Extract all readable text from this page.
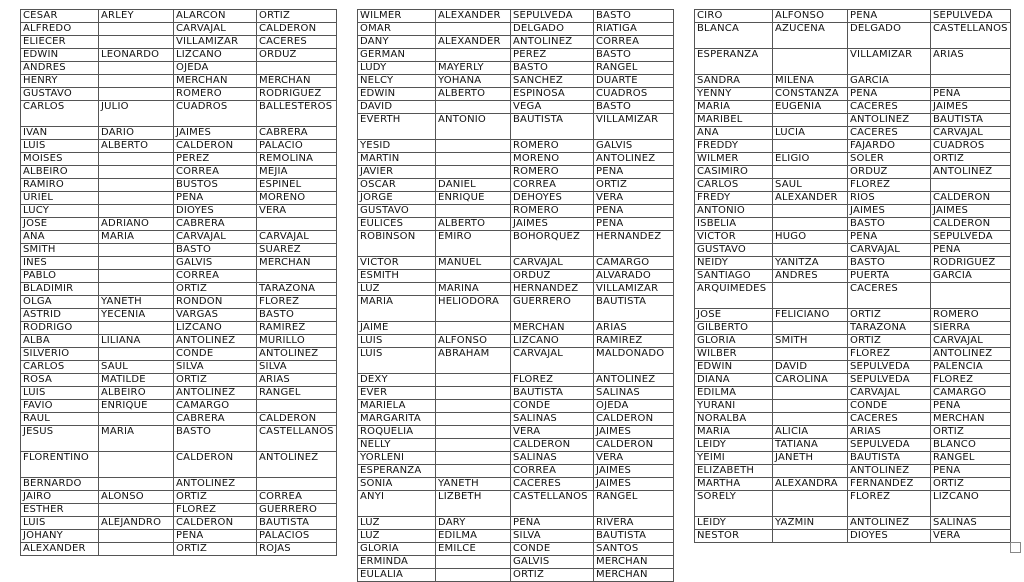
CESAR	ARLEY	ALARCON	ORTIZ
ALFREDO		CARVAJAL	CALDERON
ELIECER		VILLAMIZAR	CACERES
EDWIN	LEONARDO	LIZCANO	ORDUZ
ANDRES		OJEDA	
HENRY		MERCHAN	MERCHAN
GUSTAVO		ROMERO	RODRIGUEZ
CARLOS	JULIO	CUADROS	BALLESTEROS
IVAN	DARIO	JAIMES	CABRERA
LUIS	ALBERTO	CALDERON	PALACIO
MOISES		PEREZ	REMOLINA
ALBEIRO		CORREA	MEJIA
RAMIRO		BUSTOS	ESPINEL
URIEL		PEÑA	MORENO
LUCY		DIOYES	VERA
JOSE	ADRIANO	CABRERA	
ANA	MARIA	CARVAJAL	CARVAJAL
SMITH		BASTO	SUAREZ
INES		GALVIS	MERCHAN
PABLO		CORREA	
BLADIMIR		ORTIZ	TARAZONA
OLGA	YANETH	RONDON	FLOREZ
ASTRID	YECENIA	VARGAS	BASTO
RODRIGO		LIZCANO	RAMIREZ
ALBA	LILIANA	ANTOLINEZ	MURILLO
SILVERIO		CONDE	ANTOLINEZ
CARLOS	SAUL	SILVA	SILVA
ROSA	MATILDE	ORTIZ	ARIAS
LUIS	ALBEIRO	ANTOLINEZ	RANGEL
FAVIO	ENRIQUE	CAMARGO	
RAUL		CABRERA	CALDERON
JESUS	MARIA	BASTO	CASTELLANOS
FLORENTINO		CALDERON	ANTOLINEZ
BERNARDO		ANTOLINEZ	
JAIRO	ALONSO	ORTIZ	CORREA
ESTHER		FLOREZ	GUERRERO
LUIS	ALEJANDRO	CALDERON	BAUTISTA
JOHANY		PEÑA	PALACIOS
ALEXANDER		ORTIZ	ROJAS
WILMER	ALEXANDER	SEPULVEDA	BASTO
OMAR		DELGADO	RIATIGA
DANY	ALEXANDER	ANTOLINEZ	CORREA
GERMAN		PEREZ	BASTO
LUDY	MAYERLY	BASTO	RANGEL
NELCY	YOHANA	SANCHEZ	DUARTE
EDWIN	ALBERTO	ESPINOSA	CUADROS
DAVID		VEGA	BASTO
EVERTH	ANTONIO	BAUTISTA	VILLAMIZAR
YESID		ROMERO	GALVIS
MARTIN		MORENO	ANTOLINEZ
JAVIER		ROMERO	PEÑA
OSCAR	DANIEL	CORREA	ORTIZ
JORGE	ENRIQUE	DEHOYES	VERA
GUSTAVO		ROMERO	PEÑA
EULICES	ALBERTO	JAIMES	PEÑA
ROBINSON	EMIRO	BOHORQUEZ	HERNANDEZ
VICTOR	MANUEL	CARVAJAL	CAMARGO
ESMITH		ORDUZ	ALVARADO
LUZ	MARINA	HERNANDEZ	VILLAMIZAR
MARIA	HELIODORA	GUERRERO	BAUTISTA
JAIME		MERCHAN	ARIAS
LUIS	ALFONSO	LIZCANO	RAMIREZ
LUIS	ABRAHAM	CARVAJAL	MALDONADO
DEXY		FLOREZ	ANTOLINEZ
EVER		BAUTISTA	SALINAS
MARIELA		CONDE	OJEDA
MARGARITA		SALINAS	CALDERON
ROQUELIA		VERA	JAIMES
NELLY		CALDERON	CALDERON
YORLENI		SALINAS	VERA
ESPERANZA		CORREA	JAIMES
SONIA	YANETH	CACERES	JAIMES
ANYI	LIZBETH	CASTELLANOS	RANGEL
LUZ	DARY	PEÑA	RIVERA
LUZ	EDILMA	SILVA	BAUTISTA
GLORIA	EMILCE	CONDE	SANTOS
ERMINDA		GALVIS	MERCHAN
EULALIA		ORTIZ	MERCHAN
CIRO	ALFONSO	PEÑA	SEPULVEDA
BLANCA	AZUCENA	DELGADO	CASTELLANOS
ESPERANZA		VILLAMIZAR	ARIAS
SANDRA	MILENA	GARCIA	
YENNY	CONSTANZA	PEÑA	PEÑA
MARIA	EUGENIA	CACERES	JAIMES
MARIBEL		ANTOLINEZ	BAUTISTA
ANA	LUCIA	CACERES	CARVAJAL
FREDDY		FAJARDO	CUADROS
WILMER	ELIGIO	SOLER	ORTIZ
CASIMIRO		ORDUZ	ANTOLINEZ
CARLOS	SAUL	FLOREZ	
FREDY	ALEXANDER	RIOS	CALDERON
ANTONIO		JAIMES	JAIMES
ISBELIA		BASTO	CALDERON
VICTOR	HUGO	PEÑA	SEPULVEDA
GUSTAVO		CARVAJAL	PEÑA
NEIDY	YANITZA	BASTO	RODRIGUEZ
SANTIAGO	ANDRES	PUERTA	GARCIA
ARQUIMEDES		CACERES	
JOSE	FELICIANO	ORTIZ	ROMERO
GILBERTO		TARAZONA	SIERRA
GLORIA	SMITH	ORTIZ	CARVAJAL
WILBER		FLOREZ	ANTOLINEZ
EDWIN	DAVID	SEPULVEDA	PALENCIA
DIANA	CAROLINA	SEPULVEDA	FLOREZ
EDILMA		CARVAJAL	CAMARGO
YURANI		CONDE	PEÑA
NORALBA		CACERES	MERCHAN
MARIA	ALICIA	ARIAS	ORTIZ
LEIDY	TATIANA	SEPULVEDA	BLANCO
YEIMI	JANETH	BAUTISTA	RANGEL
ELIZABETH		ANTOLINEZ	PEÑA
MARTHA	ALEXANDRA	FERNANDEZ	ORTIZ
SORELY		FLOREZ	LIZCANO
LEIDY	YAZMIN	ANTOLINEZ	SALINAS
NESTOR		DIOYES	VERA
